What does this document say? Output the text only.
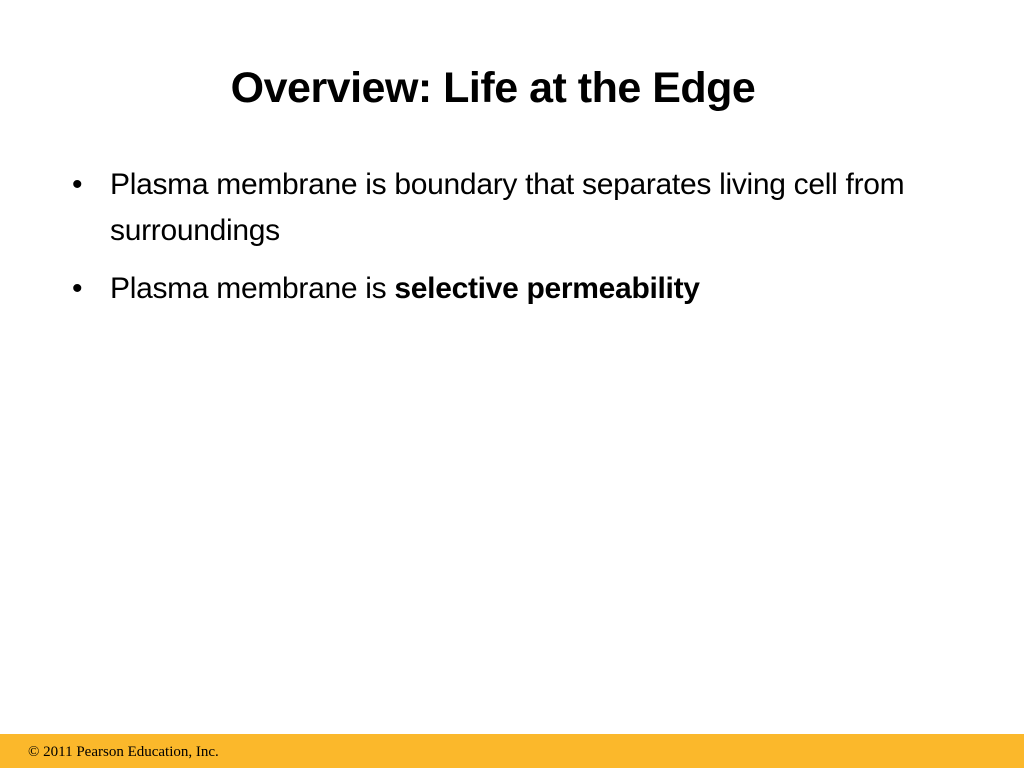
Overview: Life at the Edge
• Plasma membrane is boundary that separates living cell from surroundings
• Plasma membrane is selective permeability
© 2011 Pearson Education, Inc.
